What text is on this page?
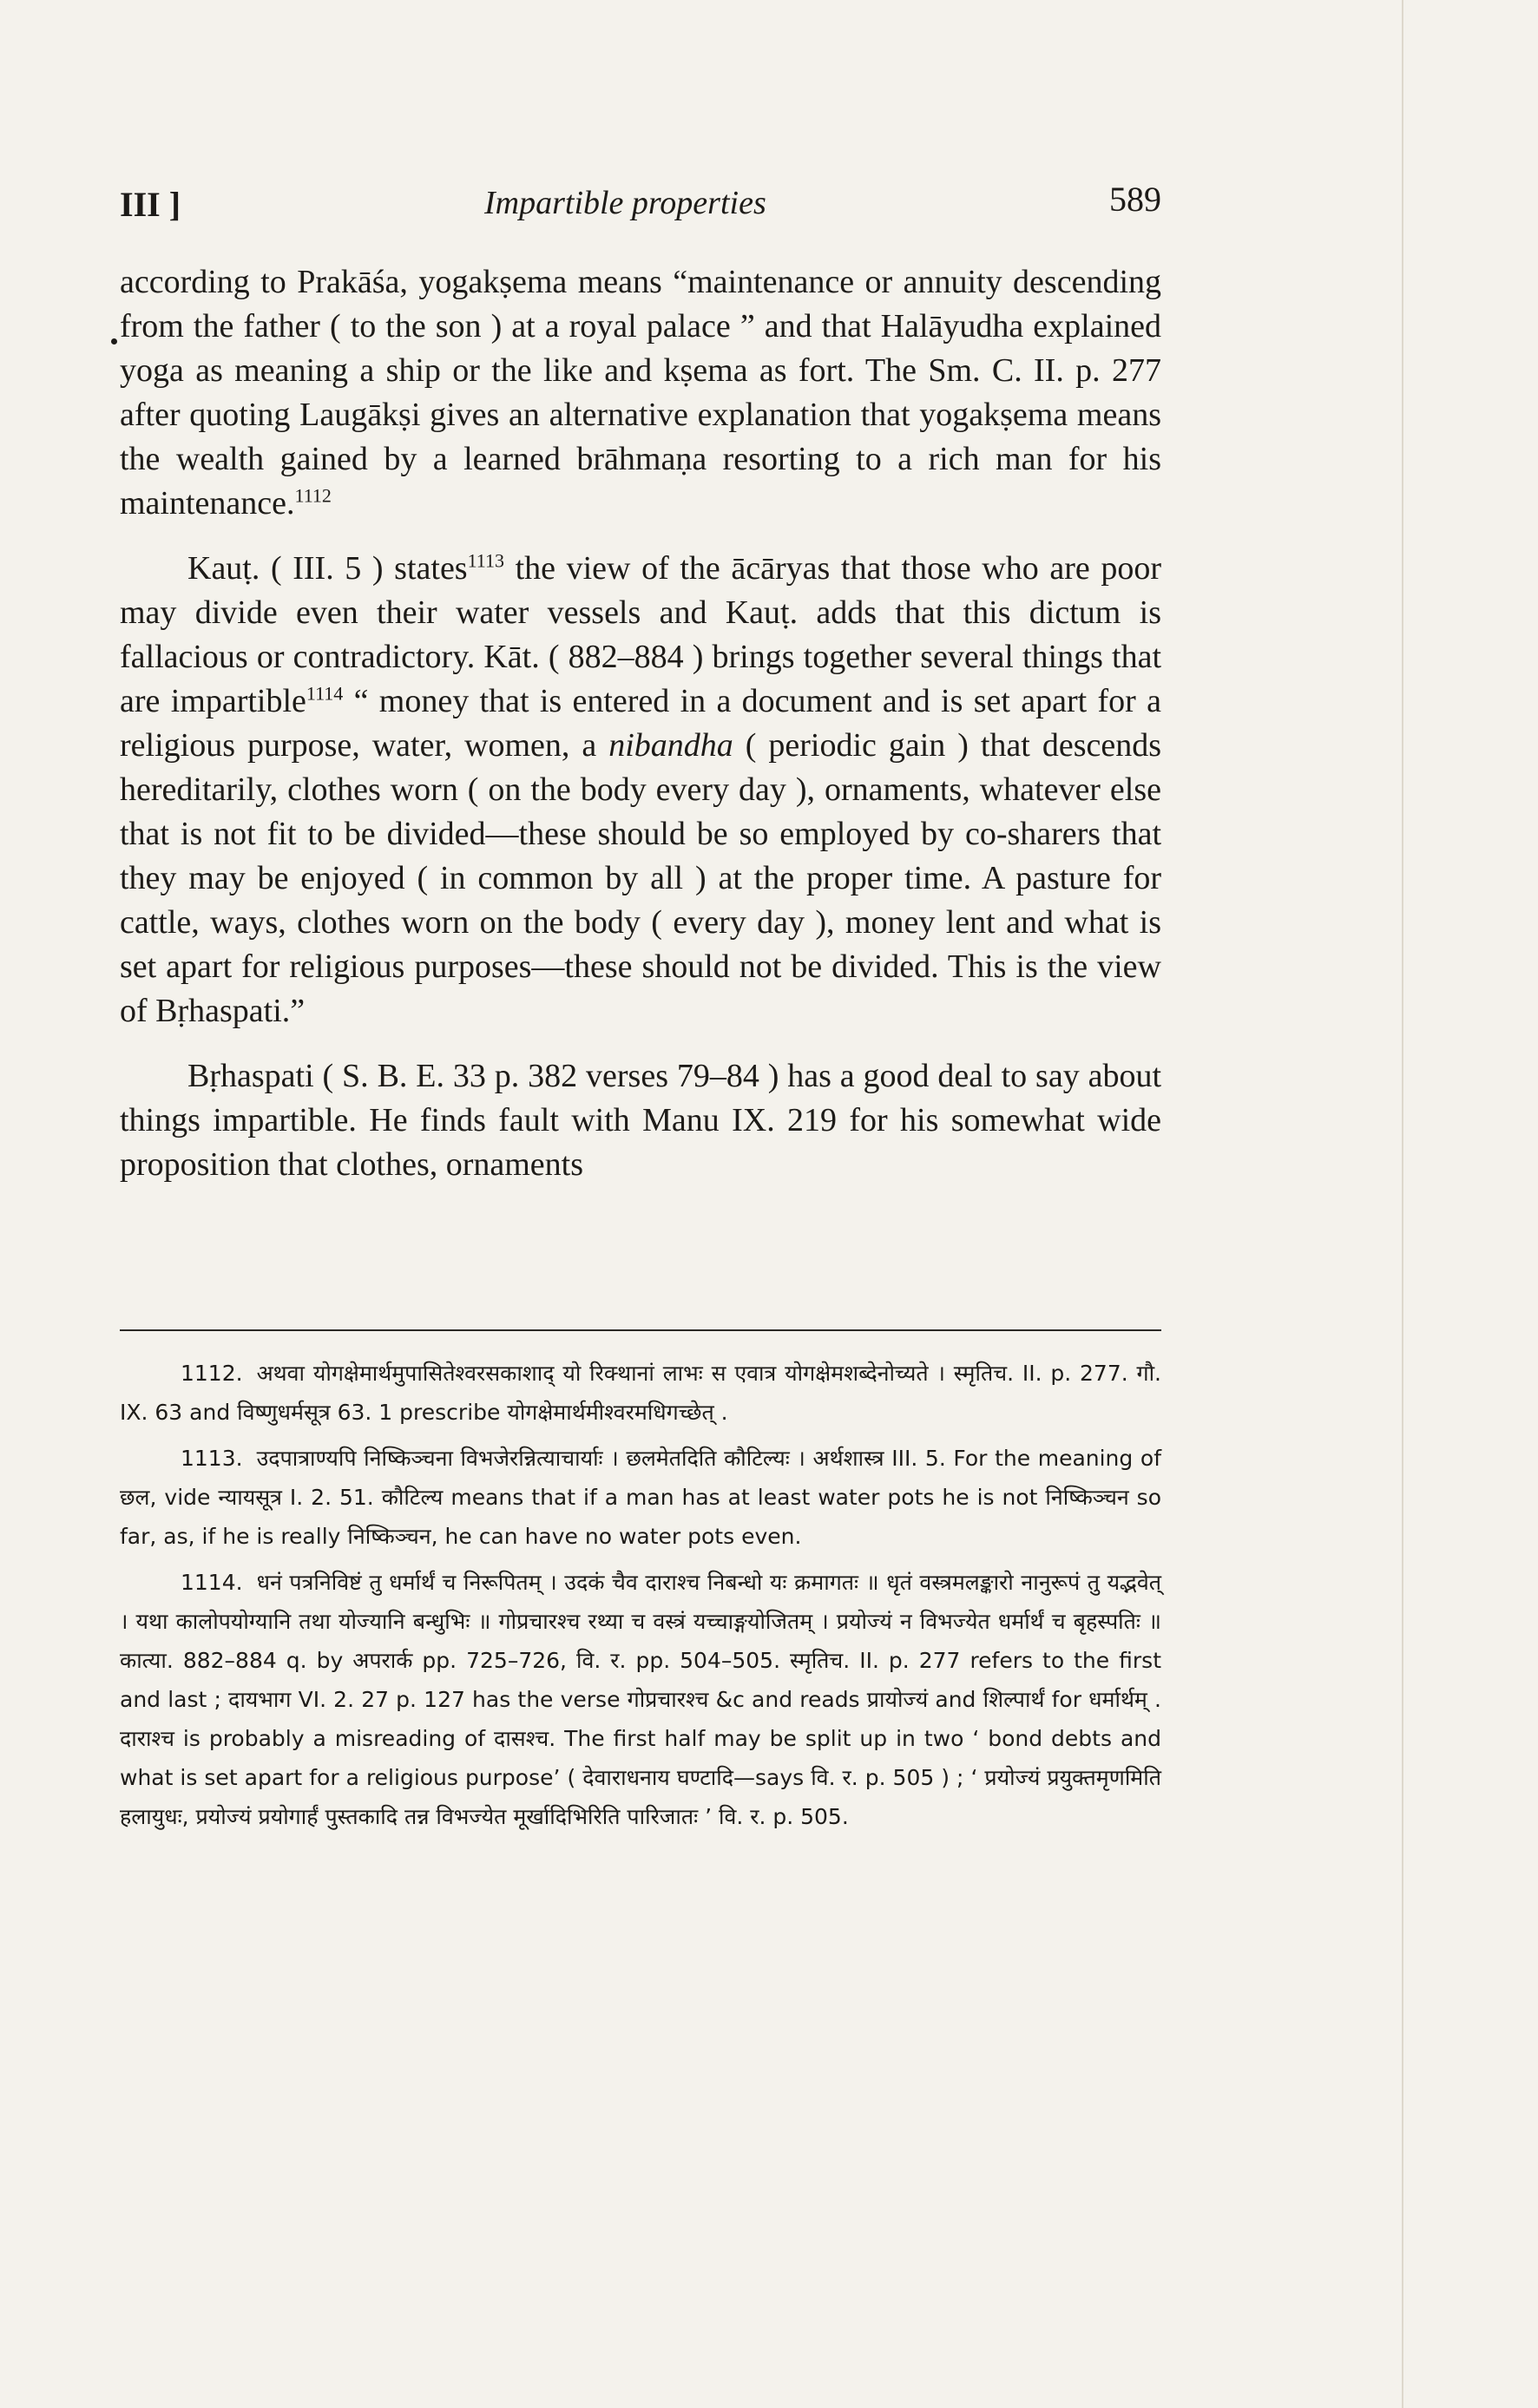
III ]	Impartible properties	589

according to Prakāśa, yogakṣema means “maintenance or annuity descending from the father ( to the son ) at a royal palace ” and that Halāyudha explained yoga as meaning a ship or the like and kṣema as fort. The Sm. C. II. p. 277 after quoting Laugākṣi gives an alternative explanation that yogakṣema means the wealth gained by a learned brāhmaṇa resorting to a rich man for his maintenance.$^{1112}$

Kauṭ. ( III. 5 ) states$^{1113}$ the view of the ācāryas that those who are poor may divide even their water vessels and Kauṭ. adds that this dictum is fallacious or contradictory. Kāt. ( 882–884 ) brings together several things that are impartible$^{1114}$ “ money that is entered in a document and is set apart for a religious purpose, water, women, a nibandha ( periodic gain ) that descends hereditarily, clothes worn ( on the body every day ), ornaments, whatever else that is not fit to be divided—these should be so employed by co-sharers that they may be enjoyed ( in common by all ) at the proper time. A pasture for cattle, ways, clothes worn on the body ( every day ), money lent and what is set apart for religious purposes—these should not be divided. This is the view of Bṛhaspati.”

Bṛhaspati ( S. B. E. 33 p. 382 verses 79–84 ) has a good deal to say about things impartible. He finds fault with Manu IX. 219 for his somewhat wide proposition that clothes, ornaments

1112. अथवा योगक्षेमार्थमुपासितेश्वरसकाशाद् यो रिक्थानां लाभः स एवात्र योगक्षेमशब्देनोच्यते । स्मृतिच. II. p. 277. गौ. IX. 63 and विष्णुधर्मसूत्र 63. 1 prescribe योगक्षेमार्थमीश्वरमधिगच्छेत् .

1113. उदपात्राण्यपि निष्किञ्चना विभजेरन्नित्याचार्याः । छलमेतदिति कौटिल्यः । अर्थशास्त्र III. 5. For the meaning of छल, vide न्यायसूत्र I. 2. 51. कौटिल्य means that if a man has at least water pots he is not निष्किञ्चन so far, as, if he is really निष्किञ्चन, he can have no water pots even.

1114. धनं पत्रनिविष्टं तु धर्मार्थं च निरूपितम् । उदकं चैव दाराश्च निबन्धो यः क्रमागतः ॥ धृतं वस्त्रमलङ्कारो नानुरूपं तु यद्भवेत् । यथा कालोपयोग्यानि तथा योज्यानि बन्धुभिः ॥ गोप्रचारश्च रथ्या च वस्त्रं यच्चाङ्गयोजितम् । प्रयोज्यं न विभज्येत धर्मार्थं च बृहस्पतिः ॥ कात्या. 882–884 q. by अपरार्क pp. 725–726, वि. र. pp. 504–505. स्मृतिच. II. p. 277 refers to the first and last ; दायभाग VI. 2. 27 p. 127 has the verse गोप्रचारश्च &c and reads प्रायोज्यं and शिल्पार्थं for धर्मार्थम् . दाराश्च is probably a misreading of दासश्च. The first half may be split up in two ‘ bond debts and what is set apart for a religious purpose’ ( देवाराधनाय घण्टादि—says वि. र. p. 505 ) ; ‘ प्रयोज्यं प्रयुक्तमृणमिति हलायुधः, प्रयोज्यं प्रयोगार्हं पुस्तकादि तन्न विभज्येत मूर्खादिभिरिति पारिजातः ’ वि. र. p. 505.
